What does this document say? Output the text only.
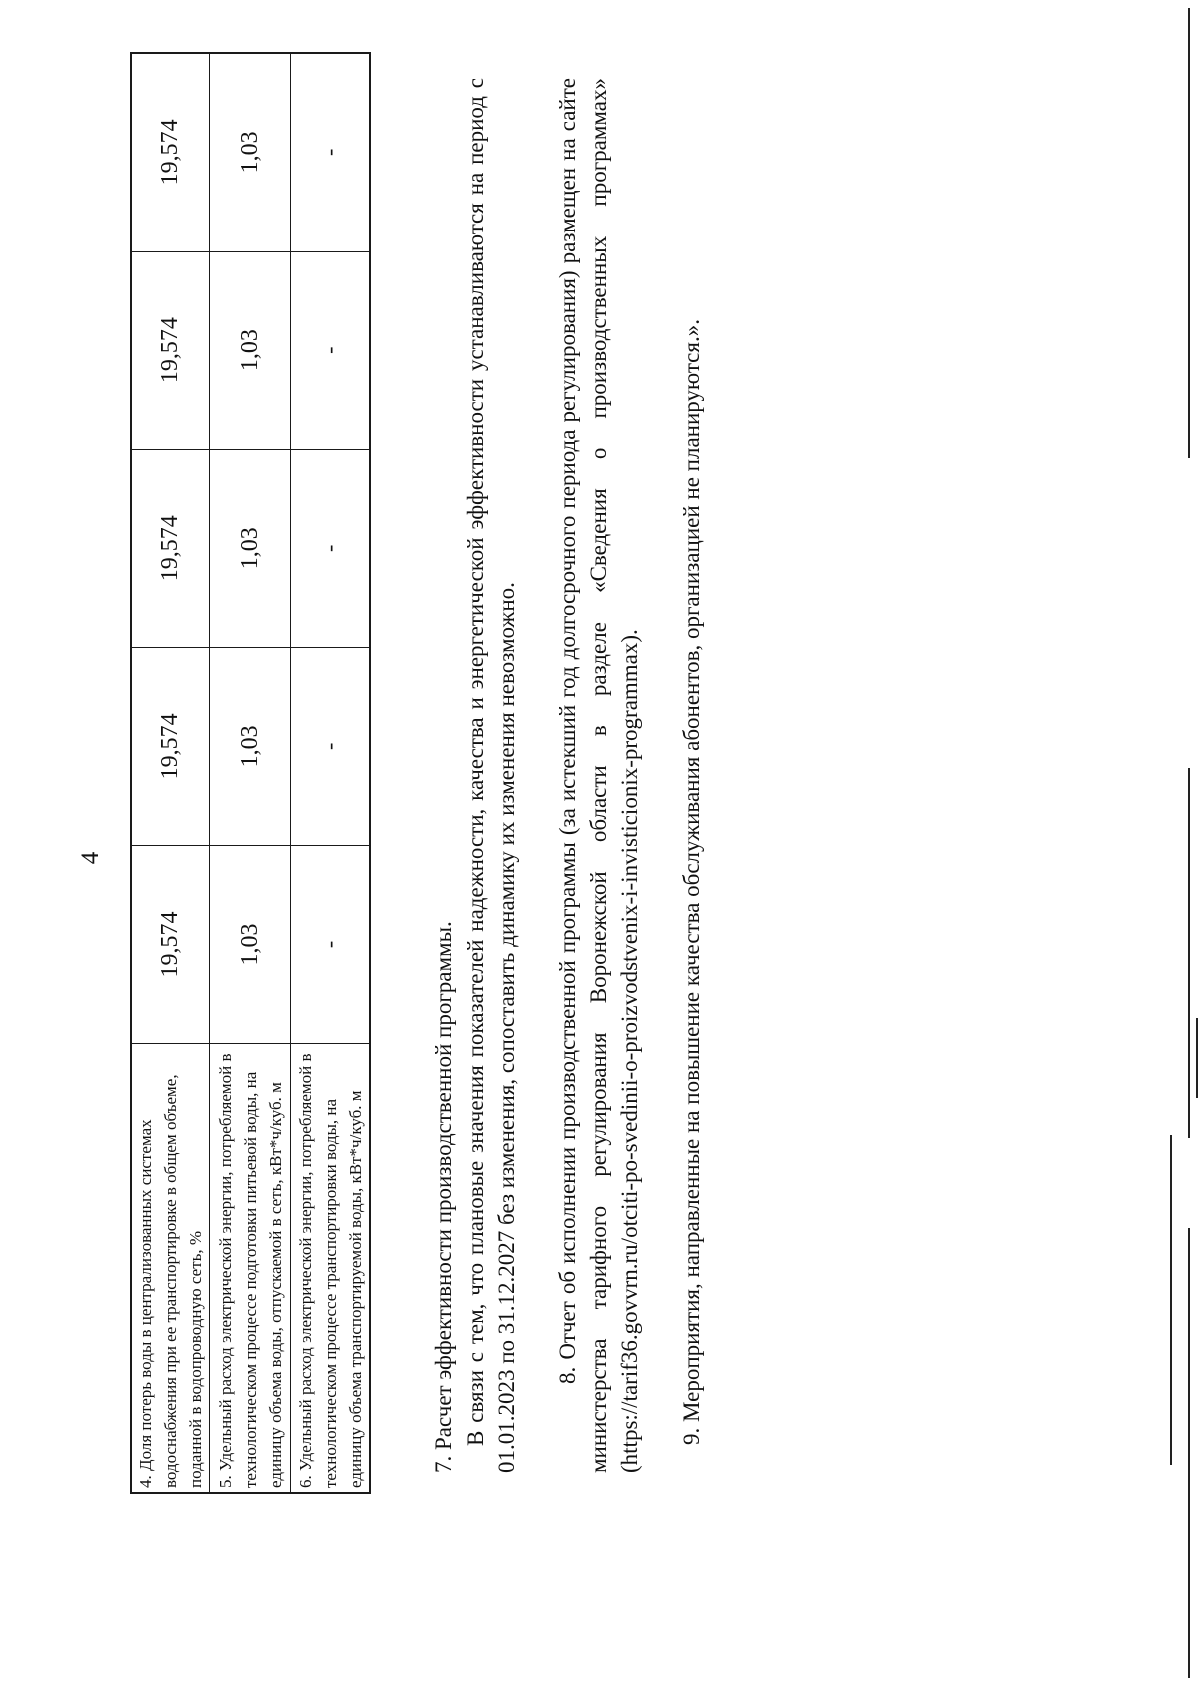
4
4. Доля потерь воды в централизованных системах водоснабжения при ее транспортировке в общем объеме, поданной в водопроводную сеть, %	19,574	19,574	19,574	19,574	19,574
5. Удельный расход электрической энергии, потребляемой в технологическом процессе подготовки питьевой воды, на единицу объема воды, отпускаемой в сеть, кВт*ч/куб. м	1,03	1,03	1,03	1,03	1,03
6. Удельный расход электрической энергии, потребляемой в технологическом процессе транспортировки воды, на единицу объема транспортируемой воды, кВт*ч/куб. м	-	-	-	-	-
7. Расчет эффективности производственной программы. В связи с тем, что плановые значения показателей надежности, качества и энергетической эффективности устанавливаются на период с 01.01.2023 по 31.12.2027 без изменения, сопоставить динамику их изменения невозможно. 8. Отчет об исполнении производственной программы (за истекший год долгосрочного периода регулирования) размещен на сайте министерства тарифного регулирования Воронежской области в разделе «Сведения о производственных программах» (https://tarif36.govvrn.ru/otciti-po-svedinii-o-proizvodstvenix-i-invisticionix-programmax). 9. Мероприятия, направленные на повышение качества обслуживания абонентов, организацией не планируются.».
